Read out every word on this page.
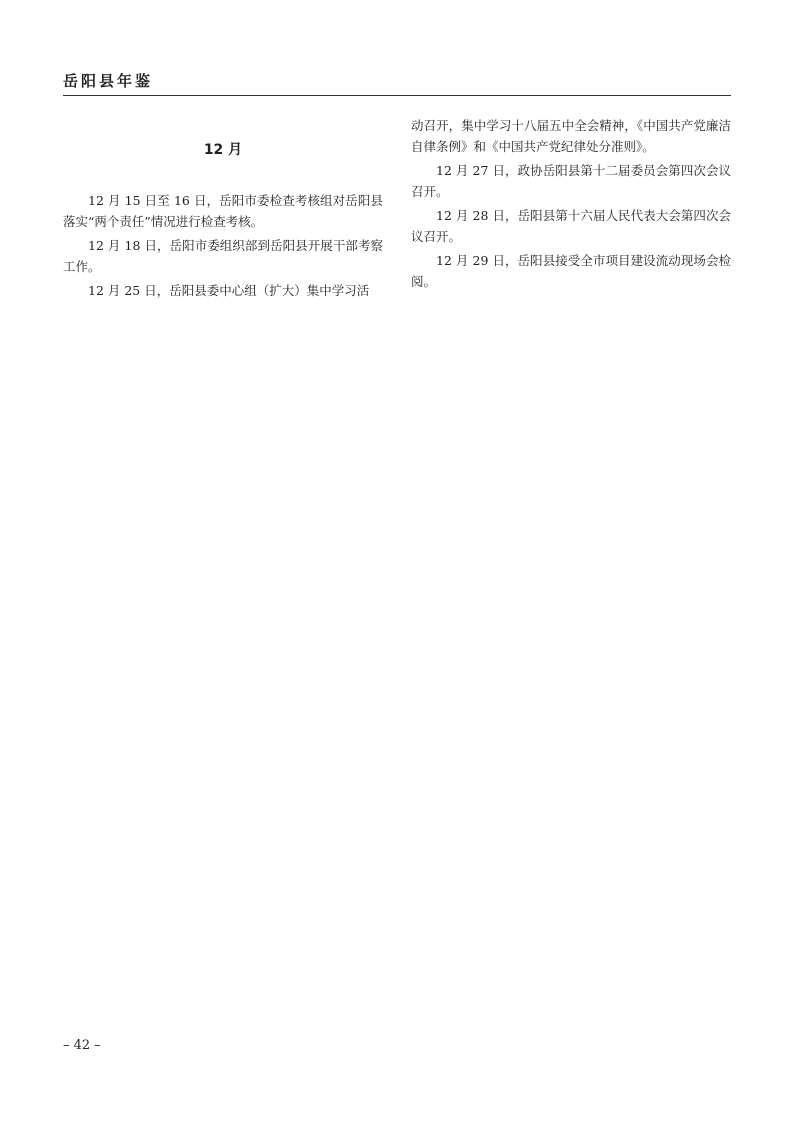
岳阳县年鉴
12 月

12 月 15 日至 16 日，岳阳市委检查考核组对岳阳县落实“两个责任”情况进行检查考核。

12 月 18 日，岳阳市委组织部到岳阳县开展干部考察工作。

12 月 25 日，岳阳县委中心组（扩大）集中学习活

动召开，集中学习十八届五中全会精神，《中国共产党廉洁自律条例》和《中国共产党纪律处分准则》。

12 月 27 日，政协岳阳县第十二届委员会第四次会议召开。

12 月 28 日，岳阳县第十六届人民代表大会第四次会议召开。

12 月 29 日，岳阳县接受全市项目建设流动现场会检阅。

– 42 –
